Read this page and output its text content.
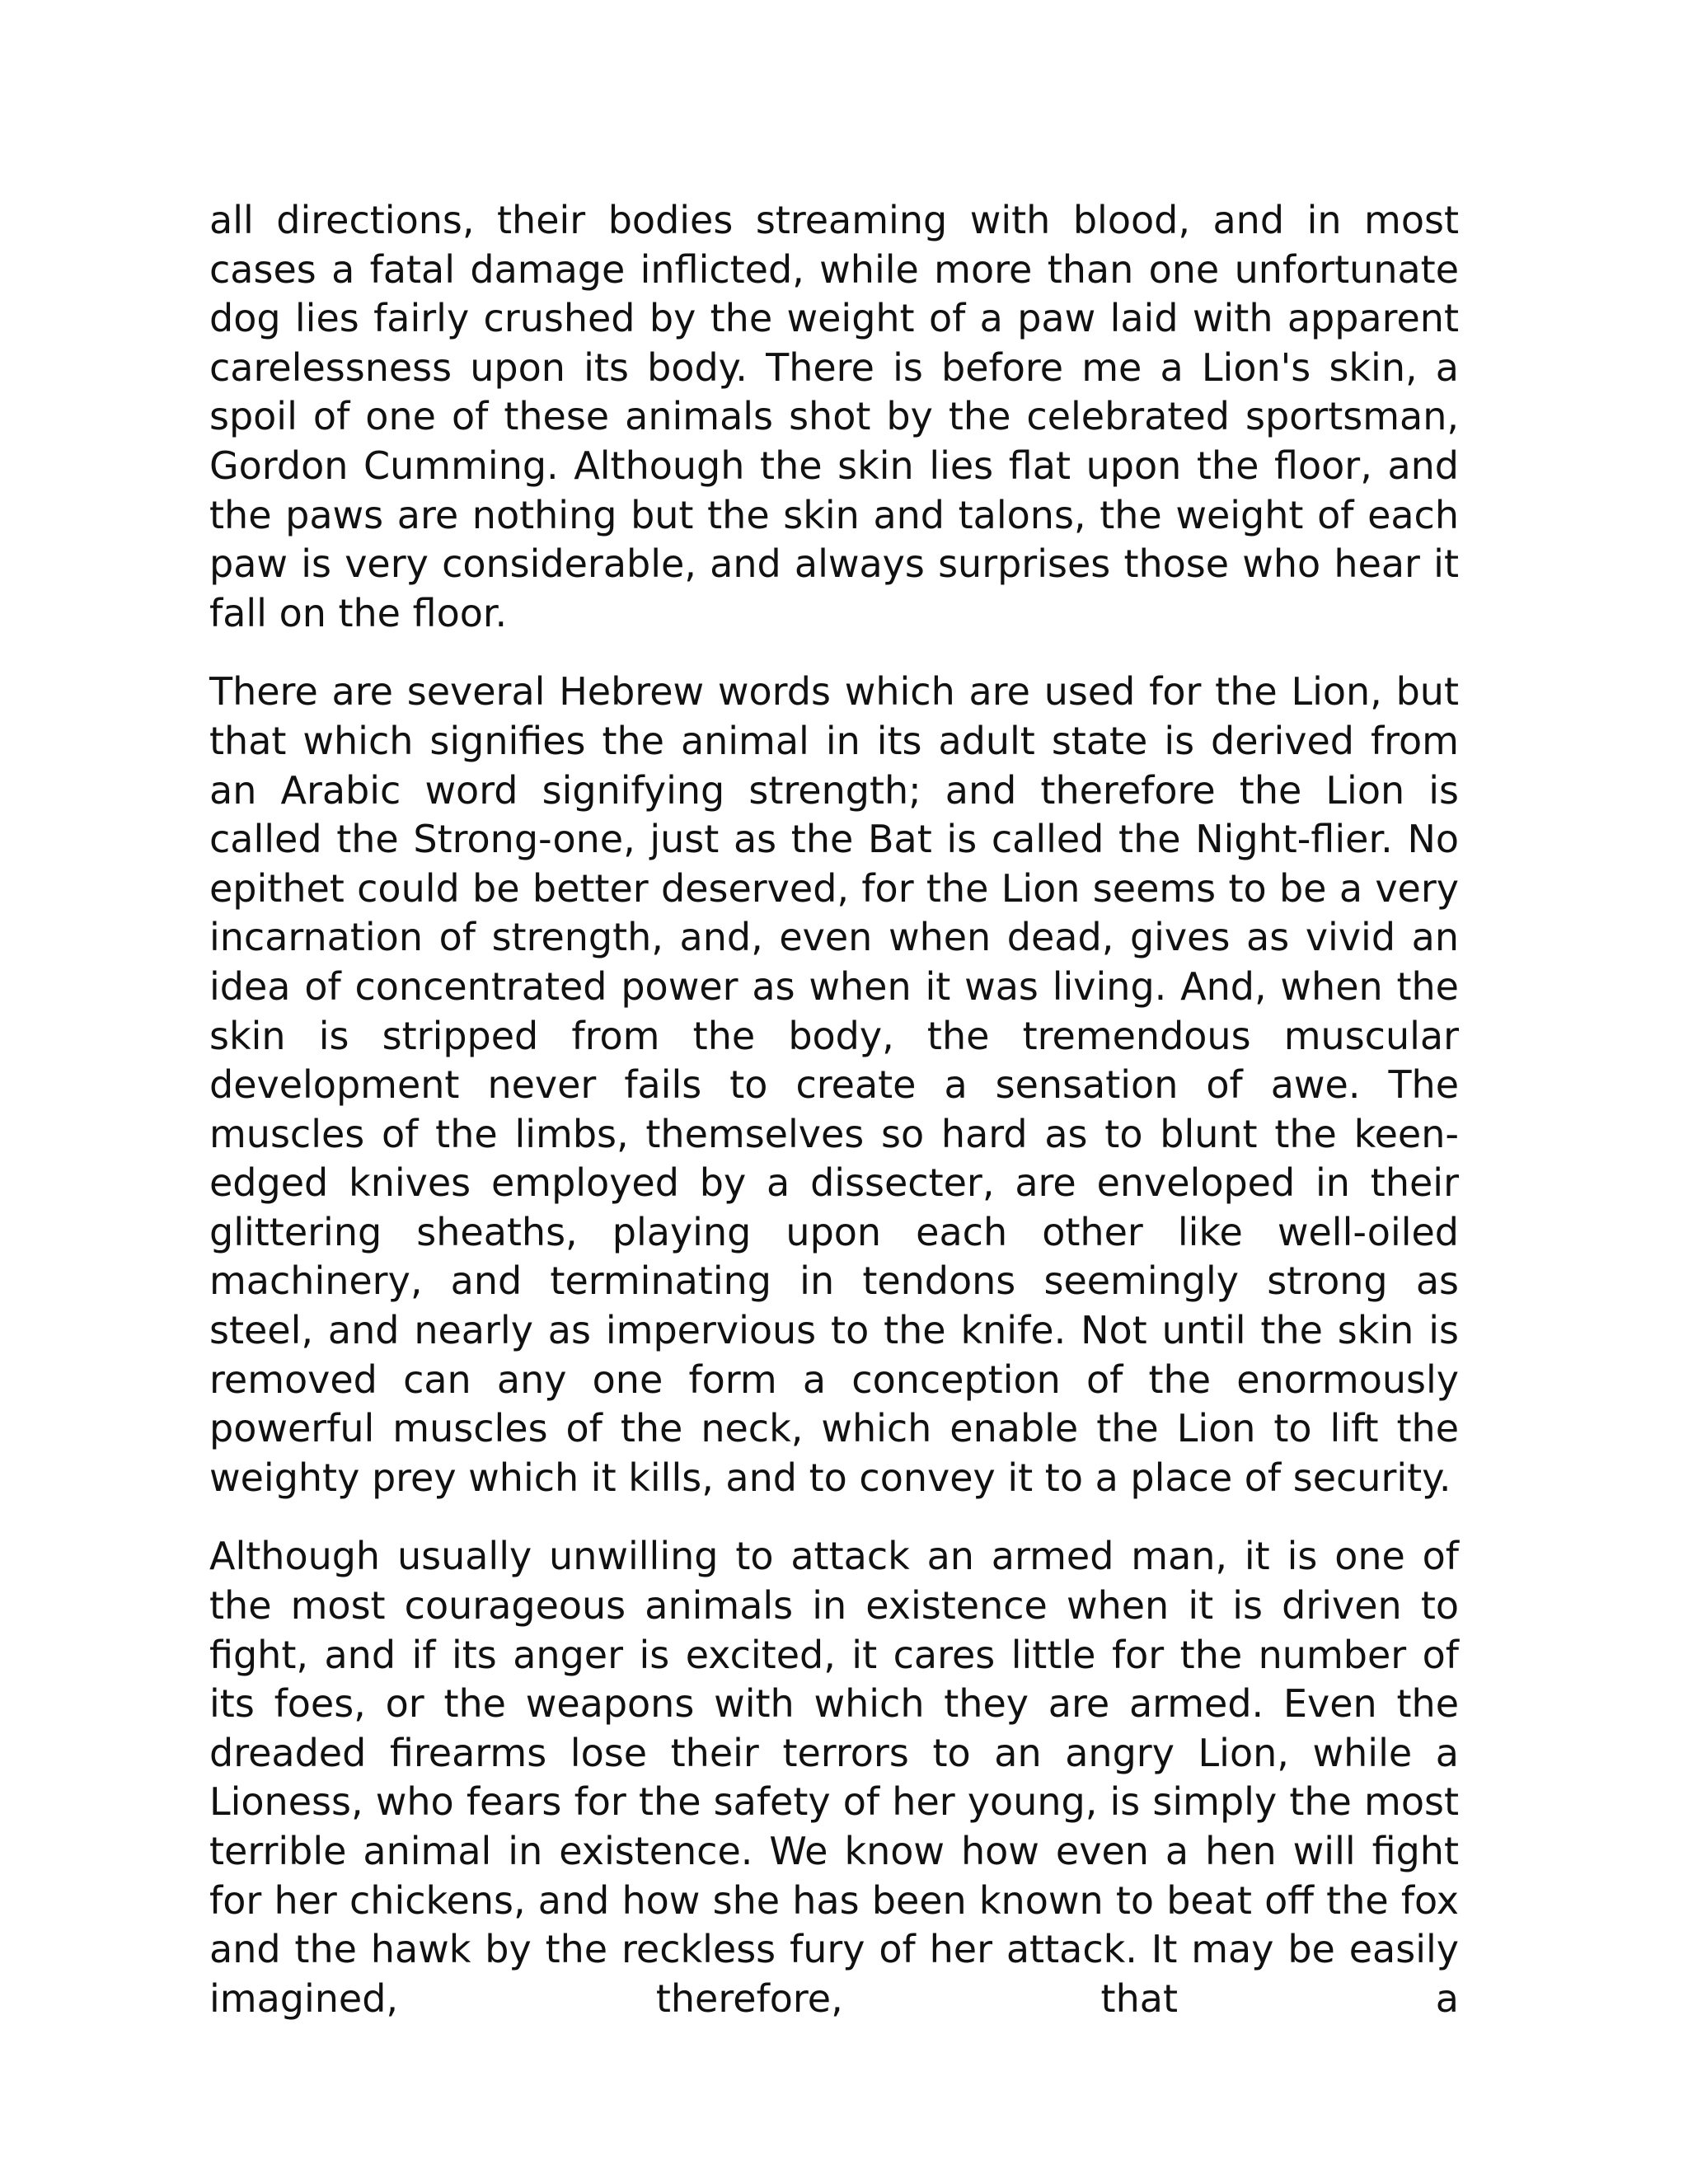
all directions, their bodies streaming with blood, and in most cases a fatal damage inflicted, while more than one unfortunate dog lies fairly crushed by the weight of a paw laid with apparent carelessness upon its body. There is before me a Lion's skin, a spoil of one of these animals shot by the celebrated sportsman, Gordon Cumming. Although the skin lies flat upon the floor, and the paws are nothing but the skin and talons, the weight of each paw is very considerable, and always surprises those who hear it fall on the floor.

There are several Hebrew words which are used for the Lion, but that which signifies the animal in its adult state is derived from an Arabic word signifying strength; and therefore the Lion is called the Strong-one, just as the Bat is called the Night-flier. No epithet could be better deserved, for the Lion seems to be a very incarnation of strength, and, even when dead, gives as vivid an idea of concentrated power as when it was living. And, when the skin is stripped from the body, the tremendous muscular development never fails to create a sensation of awe. The muscles of the limbs, themselves so hard as to blunt the keen-edged knives employed by a dissecter, are enveloped in their glittering sheaths, playing upon each other like well-oiled machinery, and terminating in tendons seemingly strong as steel, and nearly as impervious to the knife. Not until the skin is removed can any one form a conception of the enormously powerful muscles of the neck, which enable the Lion to lift the weighty prey which it kills, and to convey it to a place of security.

Although usually unwilling to attack an armed man, it is one of the most courageous animals in existence when it is driven to fight, and if its anger is excited, it cares little for the number of its foes, or the weapons with which they are armed. Even the dreaded firearms lose their terrors to an angry Lion, while a Lioness, who fears for the safety of her young, is simply the most terrible animal in existence. We know how even a hen will fight for her chickens, and how she has been known to beat off the fox and the hawk by the reckless fury of her attack. It may be easily imagined, therefore, that a
